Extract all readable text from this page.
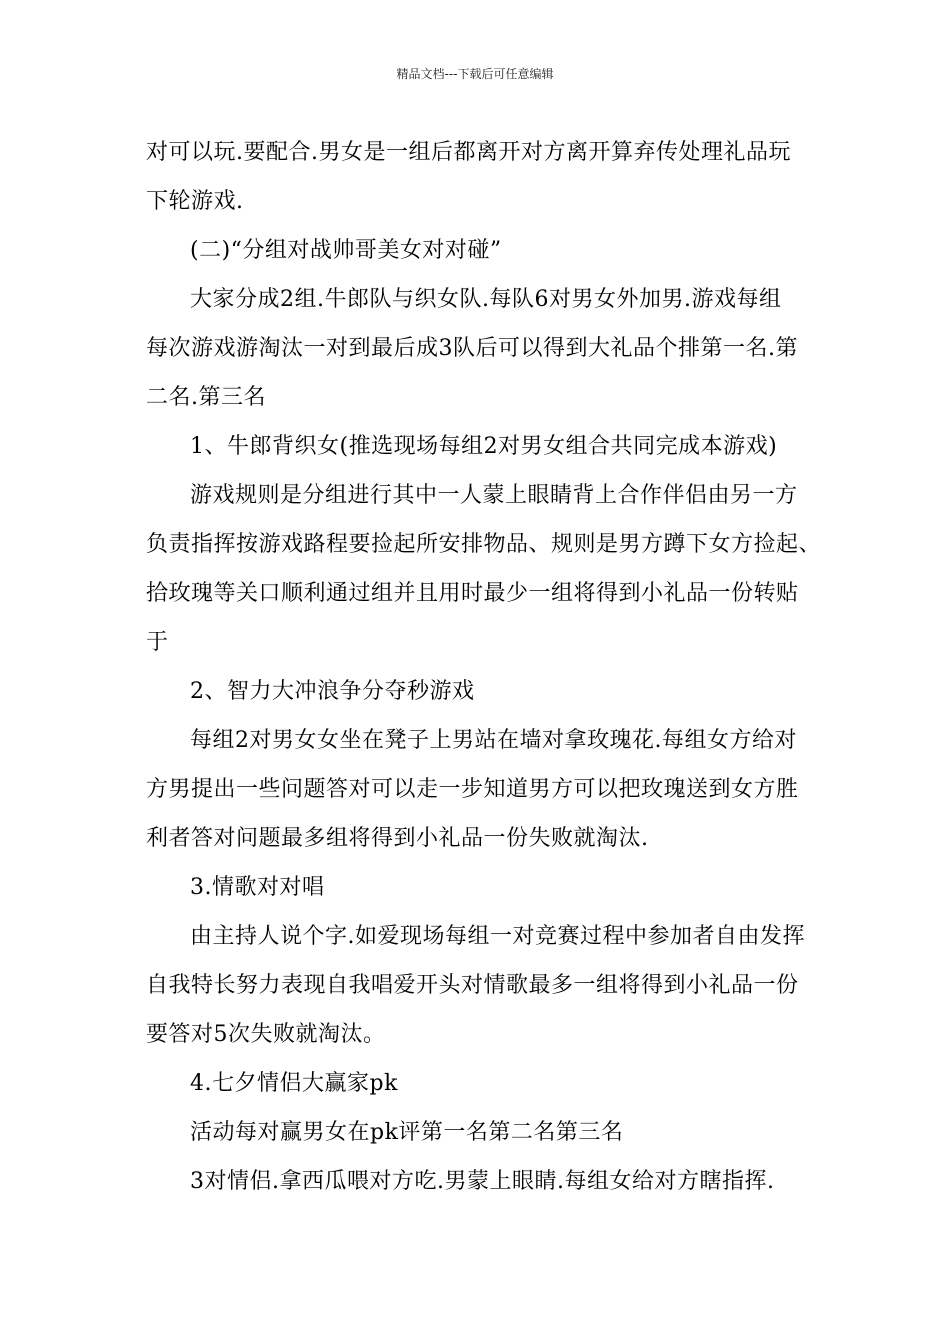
精品文档---下载后可任意编辑
对可以玩.要配合.男女是一组后都离开对方离开算弃传处理礼品玩
下轮游戏.
(二)“分组对战帅哥美女对对碰”
大家分成2组.牛郎队与织女队.每队6对男女外加男.游戏每组
每次游戏游淘汰一对到最后成3队后可以得到大礼品个排第一名.第
二名.第三名
1、牛郎背织女(推选现场每组2对男女组合共同完成本游戏)
游戏规则是分组进行其中一人蒙上眼睛背上合作伴侣由另一方
负责指挥按游戏路程要捡起所安排物品、规则是男方蹲下女方捡起、
拾玫瑰等关口顺利通过组并且用时最少一组将得到小礼品一份转贴
于
2、智力大冲浪争分夺秒游戏
每组2对男女女坐在凳子上男站在墙对拿玫瑰花.每组女方给对
方男提出一些问题答对可以走一步知道男方可以把玫瑰送到女方胜
利者答对问题最多组将得到小礼品一份失败就淘汰.
3.情歌对对唱
由主持人说个字.如爱现场每组一对竞赛过程中参加者自由发挥
自我特长努力表现自我唱爱开头对情歌最多一组将得到小礼品一份
要答对5次失败就淘汰。
4.七夕情侣大赢家pk
活动每对赢男女在pk评第一名第二名第三名
3对情侣.拿西瓜喂对方吃.男蒙上眼睛.每组女给对方瞎指挥.
